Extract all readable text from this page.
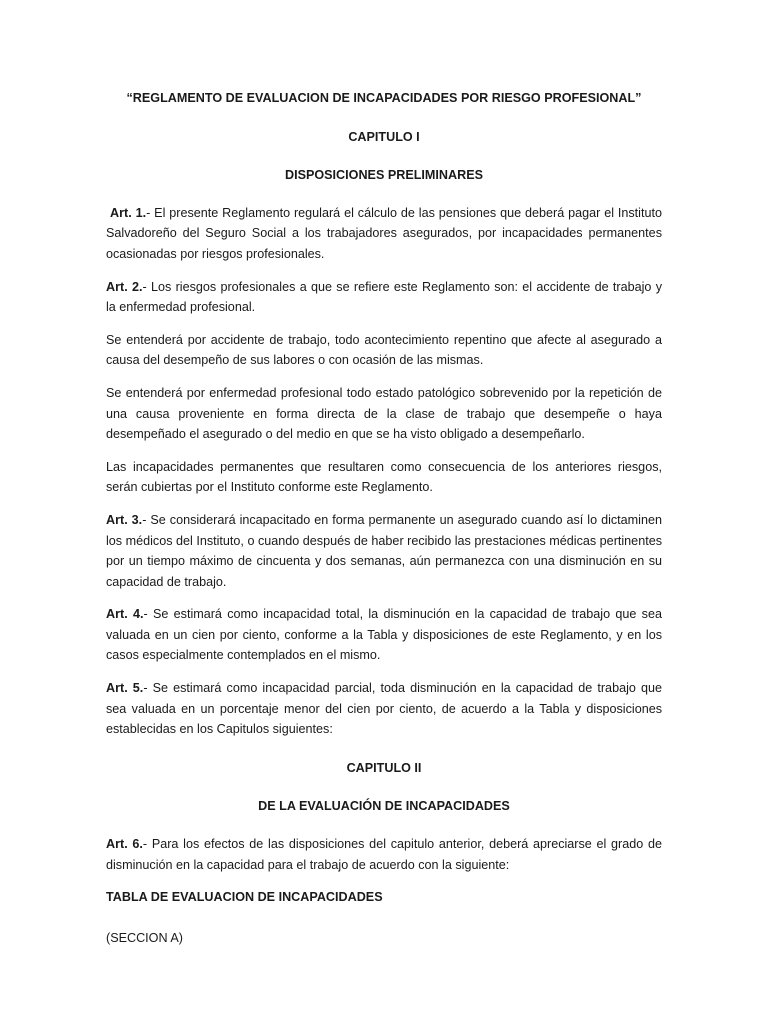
“REGLAMENTO DE EVALUACION DE INCAPACIDADES POR RIESGO PROFESIONAL”

CAPITULO I

DISPOSICIONES PRELIMINARES

Art. 1.- El presente Reglamento regulará el cálculo de las pensiones que deberá pagar el Instituto Salvadoreño del Seguro Social a los trabajadores asegurados, por incapacidades permanentes ocasionadas por riesgos profesionales.

Art. 2.- Los riesgos profesionales a que se refiere este Reglamento son: el accidente de trabajo y la enfermedad profesional.

Se entenderá por accidente de trabajo, todo acontecimiento repentino que afecte al asegurado a causa del desempeño de sus labores o con ocasión de las mismas.

Se entenderá por enfermedad profesional todo estado patológico sobrevenido por la repetición de una causa proveniente en forma directa de la clase de trabajo que desempeñe o haya desempeñado el asegurado o del medio en que se ha visto obligado a desempeñarlo.

Las incapacidades permanentes que resultaren como consecuencia de los anteriores riesgos, serán cubiertas por el Instituto conforme este Reglamento.

Art. 3.- Se considerará incapacitado en forma permanente un asegurado cuando así lo dictaminen los médicos del Instituto, o cuando después de haber recibido las prestaciones médicas pertinentes por un tiempo máximo de cincuenta y dos semanas, aún permanezca con una disminución en su capacidad de trabajo.

Art. 4.- Se estimará como incapacidad total, la disminución en la capacidad de trabajo que sea valuada en un cien por ciento, conforme a la Tabla y disposiciones de este Reglamento, y en los casos especialmente contemplados en el mismo.

Art. 5.- Se estimará como incapacidad parcial, toda disminución en la capacidad de trabajo que sea valuada en un porcentaje menor del cien por ciento, de acuerdo a la Tabla y disposiciones establecidas en los Capitulos siguientes:

CAPITULO II

DE LA EVALUACIÓN DE INCAPACIDADES

Art. 6.- Para los efectos de las disposiciones del capitulo anterior, deberá apreciarse el grado de disminución en la capacidad para el trabajo de acuerdo con la siguiente:

TABLA DE EVALUACION DE INCAPACIDADES

(SECCION A)
